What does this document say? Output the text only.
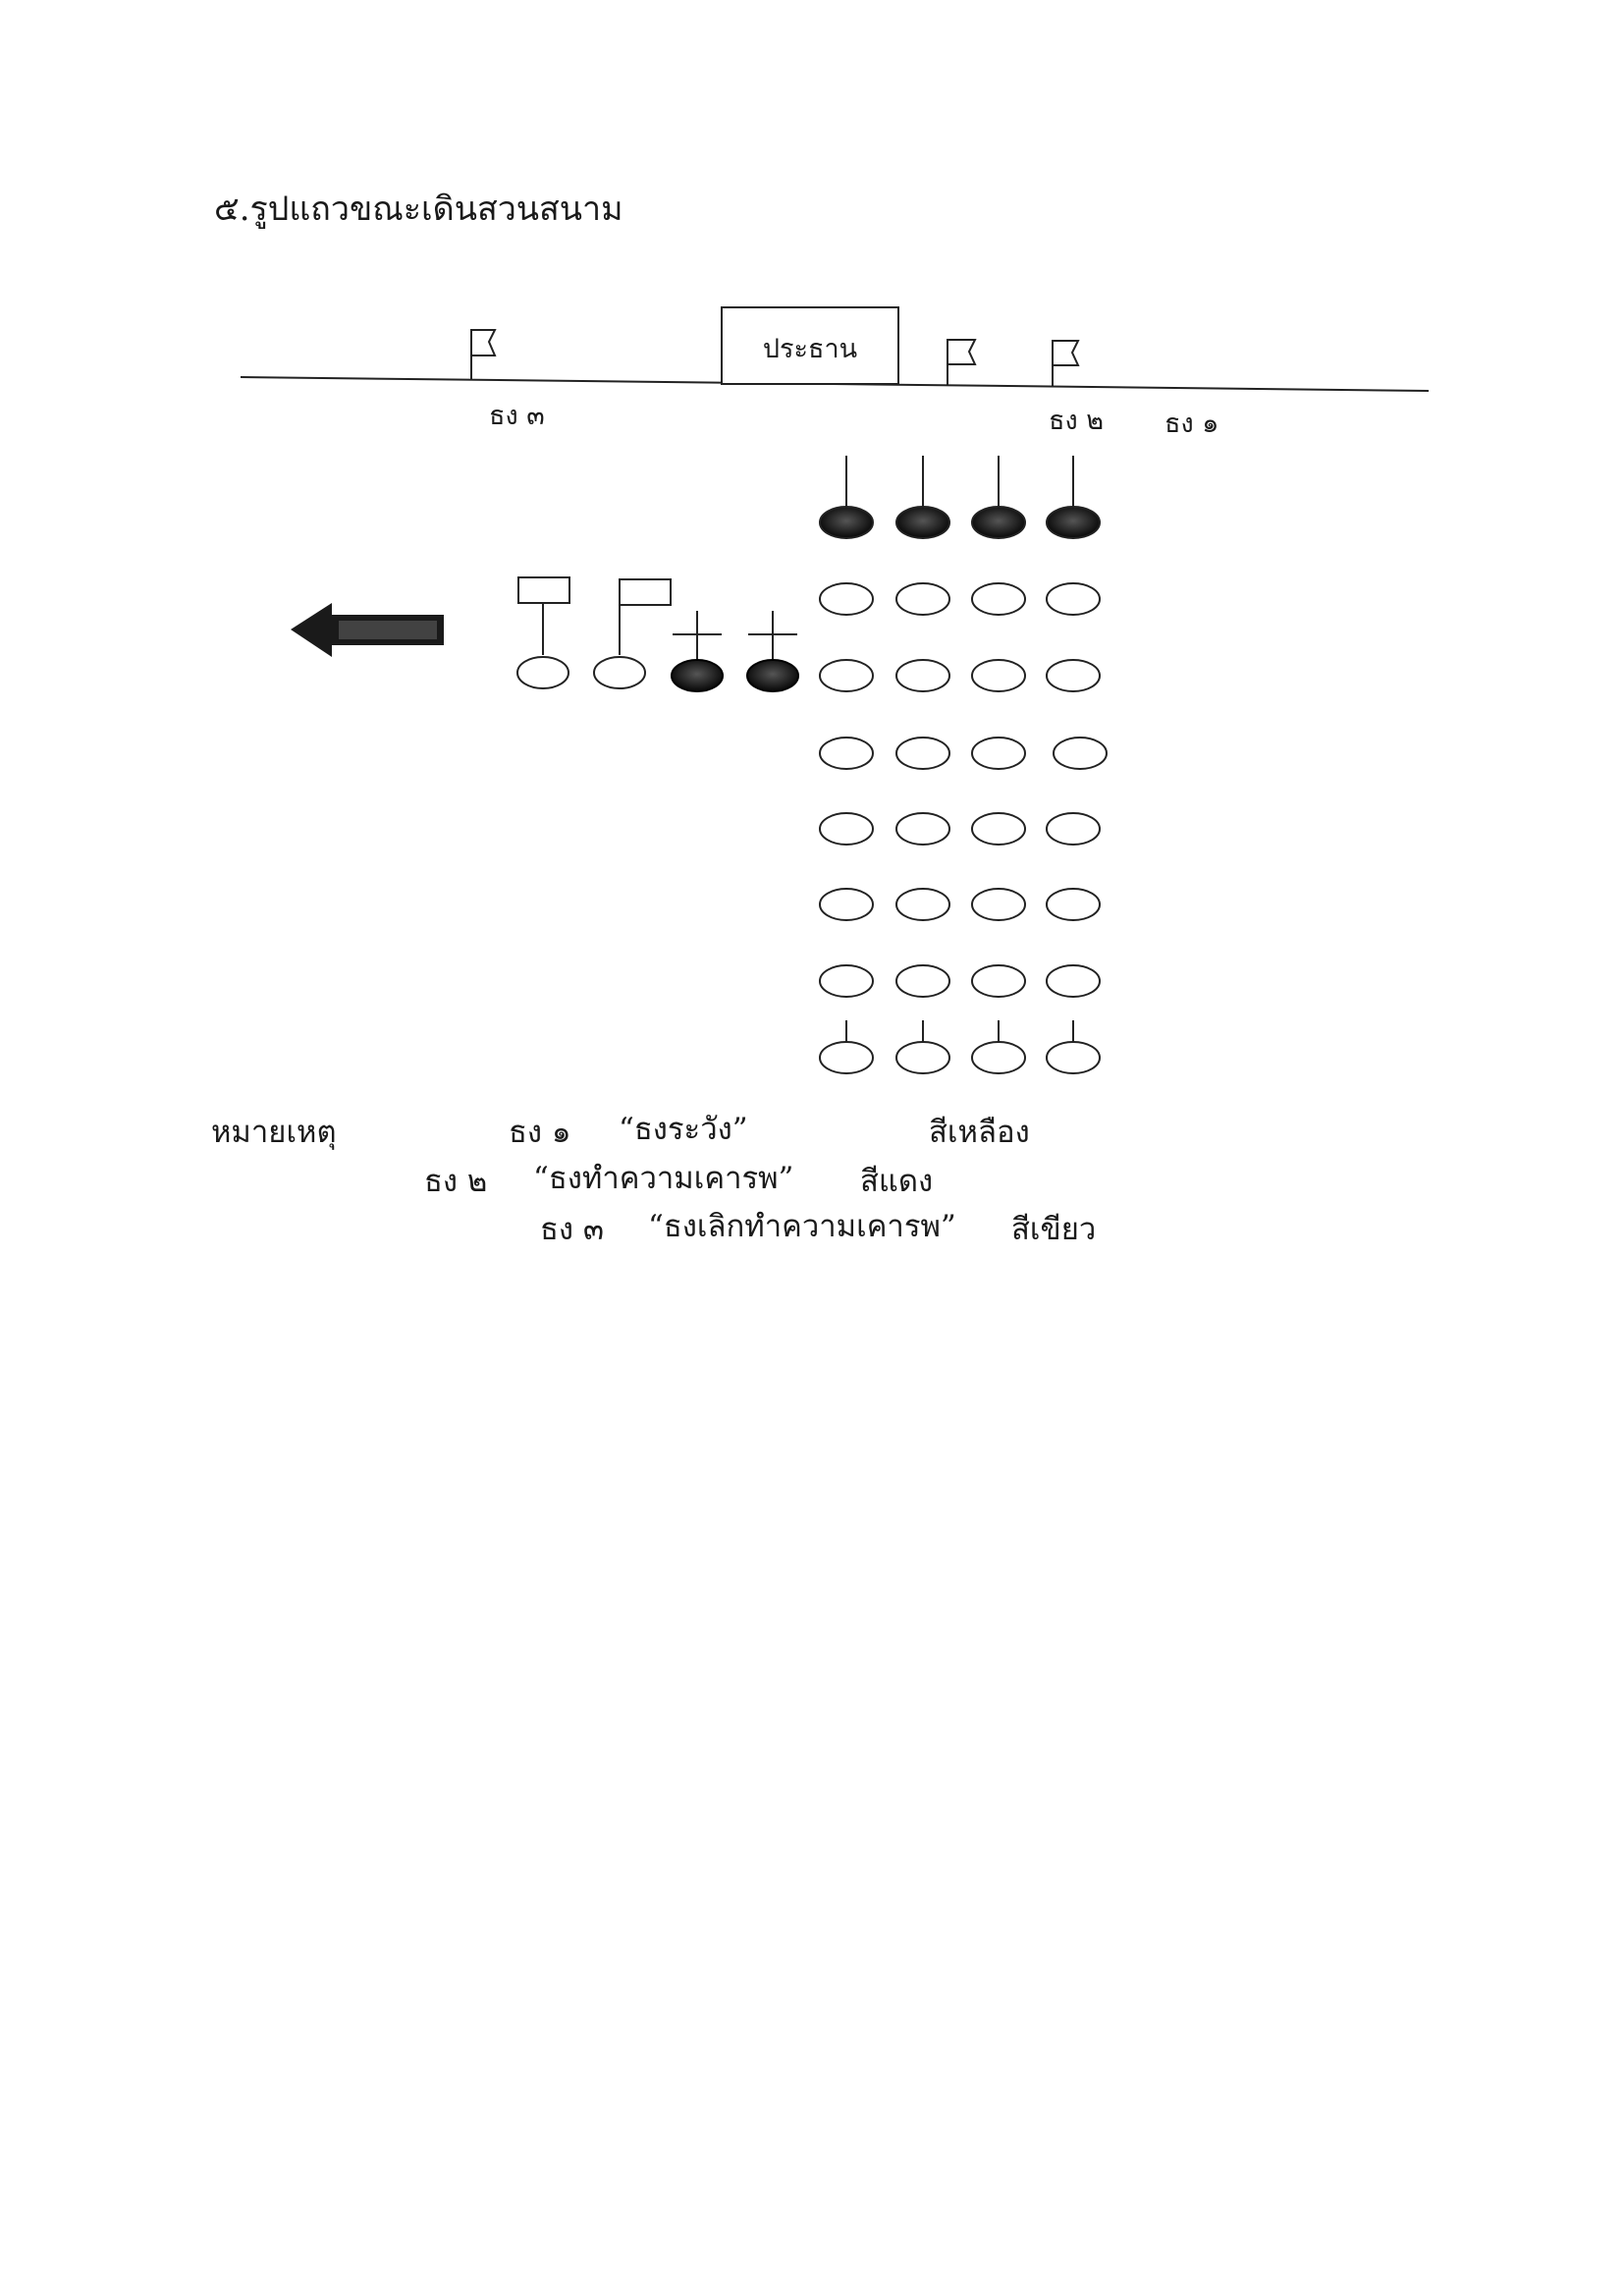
๕.รูปแถวขณะเดินสวนสนาม
ประธาน
ธง ๓	ธง ๒ ธง ๑
หมายเหตุ	ธง ๑ “ธงระวัง”	สีเหลือง
ธง ๒ “ธงทำความเคารพ” สีแดง
ธง ๓ “ธงเลิกทำความเคารพ” สีเขียว
